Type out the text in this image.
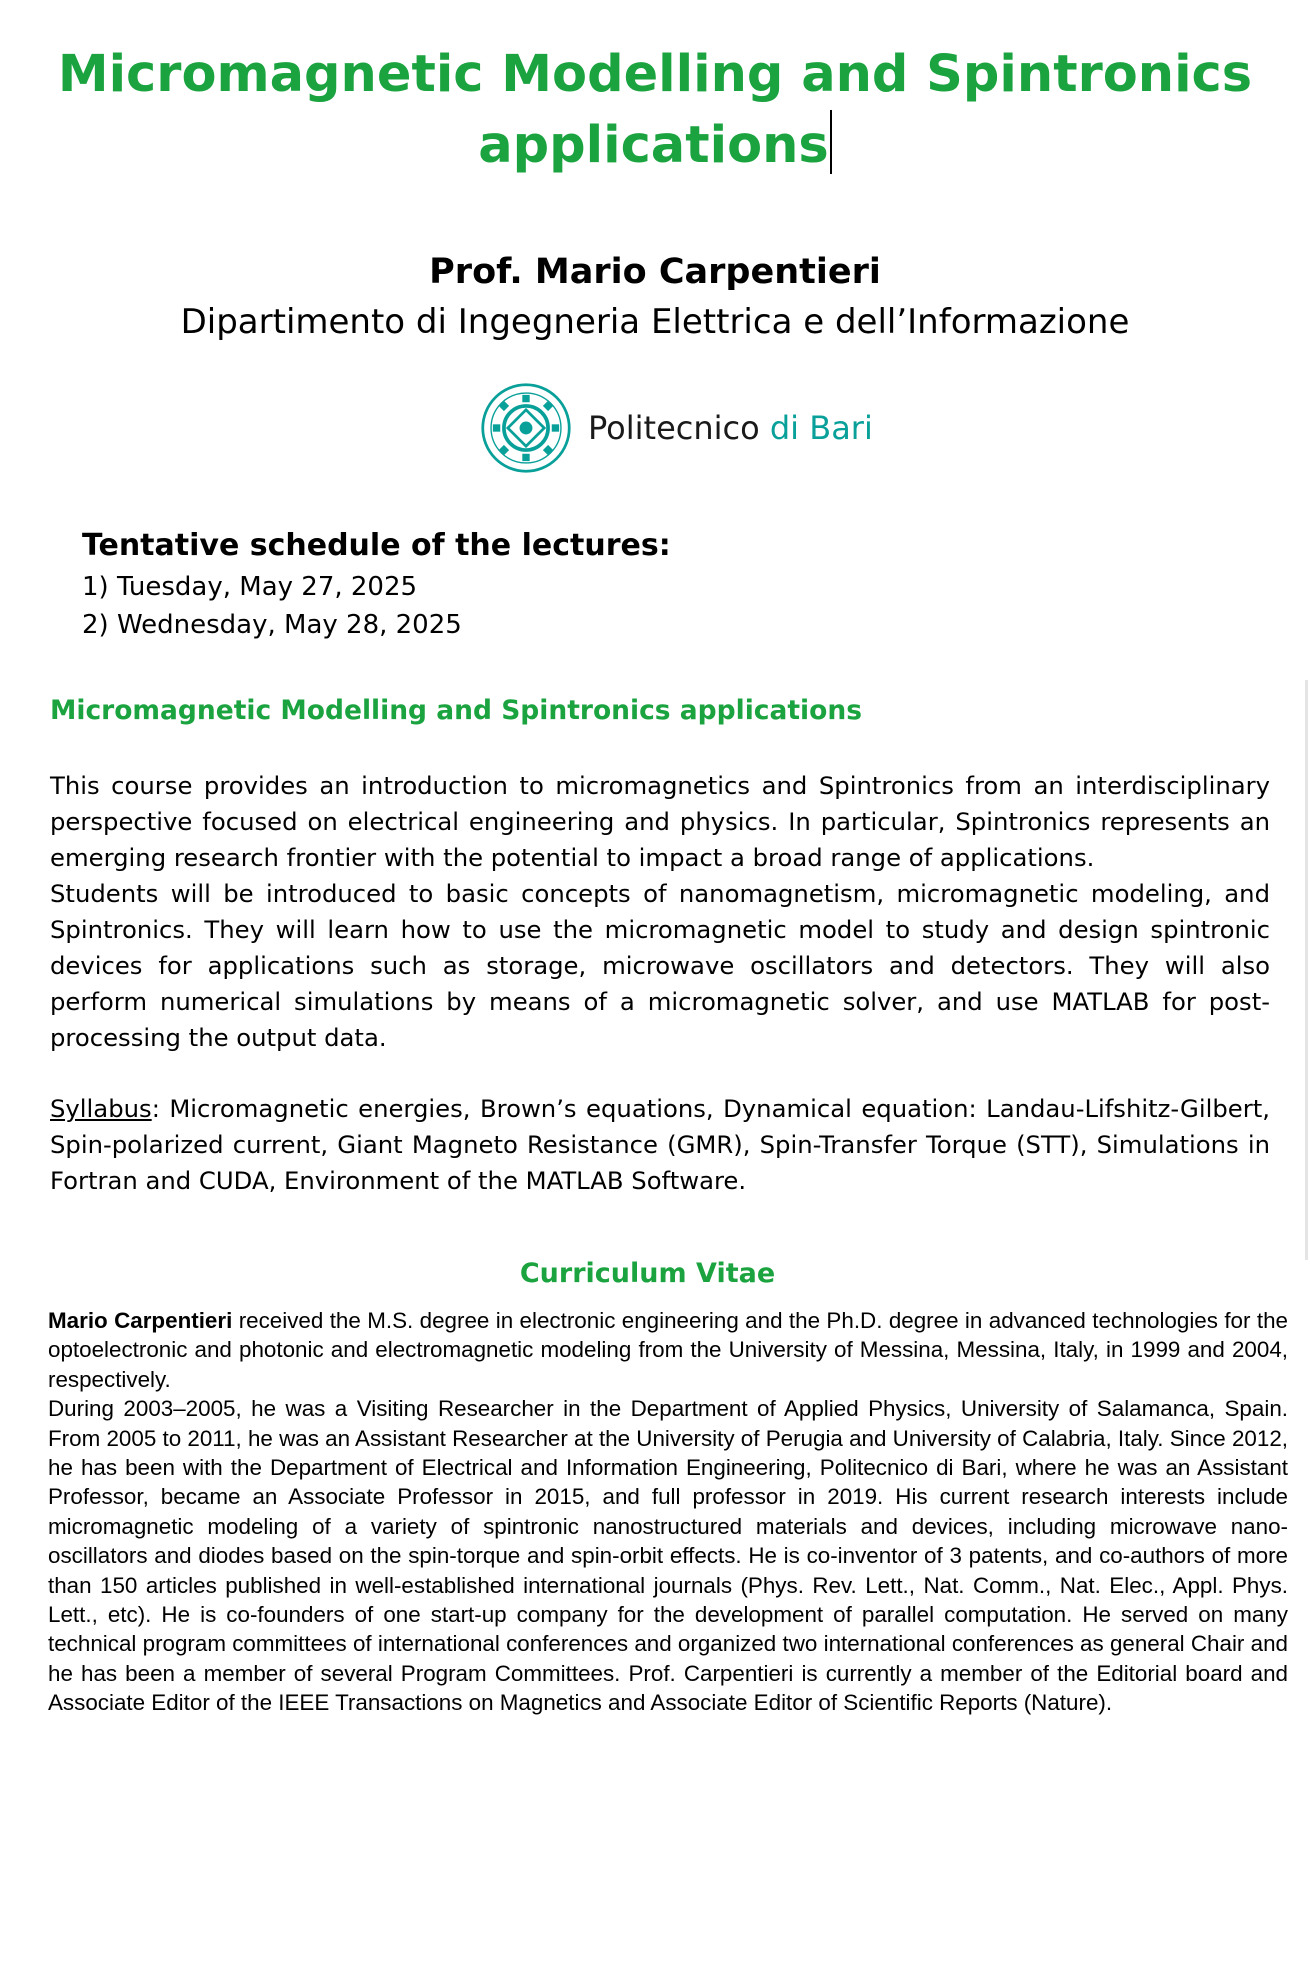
Micromagnetic Modelling and Spintronics
applications
Prof. Mario Carpentieri
Dipartimento di Ingegneria Elettrica e dell’Informazione
Politecnico di Bari
Tentative schedule of the lectures:
1) Tuesday, May 27, 2025
2) Wednesday, May 28, 2025
Micromagnetic Modelling and Spintronics applications

This course provides an introduction to micromagnetics and Spintronics from an interdisciplinary perspective focused on electrical engineering and physics. In particular, Spintronics represents an emerging research frontier with the potential to impact a broad range of applications.

Students will be introduced to basic concepts of nanomagnetism, micromagnetic modeling, and Spintronics. They will learn how to use the micromagnetic model to study and design spintronic devices for applications such as storage, microwave oscillators and detectors. They will also perform numerical simulations by means of a micromagnetic solver, and use MATLAB for post-processing the output data.

Syllabus: Micromagnetic energies, Brown’s equations, Dynamical equation: Landau-Lifshitz-Gilbert, Spin-polarized current, Giant Magneto Resistance (GMR), Spin-Transfer Torque (STT), Simulations in Fortran and CUDA, Environment of the MATLAB Software.

Curriculum Vitae

Mario Carpentieri received the M.S. degree in electronic engineering and the Ph.D. degree in advanced technologies for the optoelectronic and photonic and electromagnetic modeling from the University of Messina, Messina, Italy, in 1999 and 2004, respectively.

During 2003–2005, he was a Visiting Researcher in the Department of Applied Physics, University of Salamanca, Spain. From 2005 to 2011, he was an Assistant Researcher at the University of Perugia and University of Calabria, Italy. Since 2012, he has been with the Department of Electrical and Information Engineering, Politecnico di Bari, where he was an Assistant Professor, became an Associate Professor in 2015, and full professor in 2019. His current research interests include micromagnetic modeling of a variety of spintronic nanostructured materials and devices, including microwave nano-oscillators and diodes based on the spin-torque and spin-orbit effects. He is co-inventor of 3 patents, and co-authors of more than 150 articles published in well-established international journals (Phys. Rev. Lett., Nat. Comm., Nat. Elec., Appl. Phys. Lett., etc). He is co-founders of one start-up company for the development of parallel computation. He served on many technical program committees of international conferences and organized two international conferences as general Chair and he has been a member of several Program Committees. Prof. Carpentieri is currently a member of the Editorial board and Associate Editor of the IEEE Transactions on Magnetics and Associate Editor of Scientific Reports (Nature).
